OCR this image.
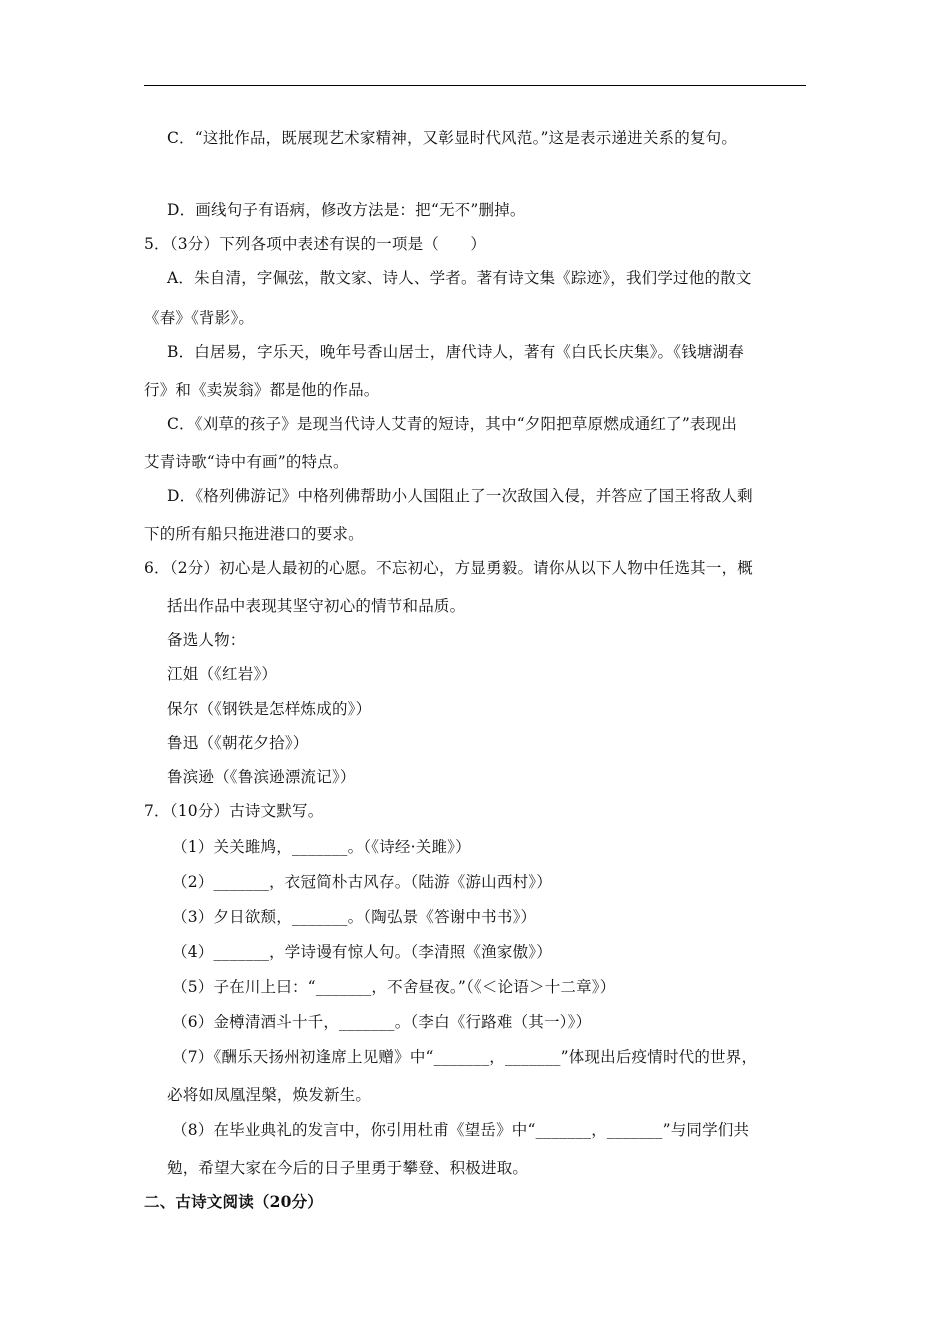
C．“这批作品，既展现艺术家精神，又彰显时代风范。”这是表示递进关系的复句。
D．画线句子有语病，修改方法是：把“无不”删掉。
5．（3分）下列各项中表述有误的一项是（　　）
A．朱自清，字佩弦，散文家、诗人、学者。著有诗文集《踪迹》，我们学过他的散文
《春》《背影》。
B．白居易，字乐天，晚年号香山居士，唐代诗人，著有《白氏长庆集》。《钱塘湖春
行》和《卖炭翁》都是他的作品。
C．《刈草的孩子》是现当代诗人艾青的短诗，其中“夕阳把草原燃成通红了”表现出
艾青诗歌“诗中有画”的特点。
D．《格列佛游记》中格列佛帮助小人国阻止了一次敌国入侵，并答应了国王将敌人剩
下的所有船只拖进港口的要求。
6．（2分）初心是人最初的心愿。不忘初心，方显勇毅。请你从以下人物中任选其一，概
括出作品中表现其坚守初心的情节和品质。
备选人物：
江姐（《红岩》）
保尔（《钢铁是怎样炼成的》）
鲁迅（《朝花夕拾》）
鲁滨逊（《鲁滨逊漂流记》）
7．（10分）古诗文默写。
（1）关关雎鸠，_______。（《诗经·关雎》）
（2）_______，衣冠简朴古风存。（陆游《游山西村》）
（3）夕日欲颓，_______。（陶弘景《答谢中书书》）
（4）_______，学诗谩有惊人句。（李清照《渔家傲》）
（5）子在川上曰：“_______，不舍昼夜。”（《＜论语＞十二章》）
（6）金樽清酒斗十千，_______。（李白《行路难（其一）》）
（7）《酬乐天扬州初逢席上见赠》中“_______，_______”体现出后疫情时代的世界，
必将如凤凰涅槃，焕发新生。
（8）在毕业典礼的发言中，你引用杜甫《望岳》中“_______，_______”与同学们共
勉，希望大家在今后的日子里勇于攀登、积极进取。
二、古诗文阅读（20分）
